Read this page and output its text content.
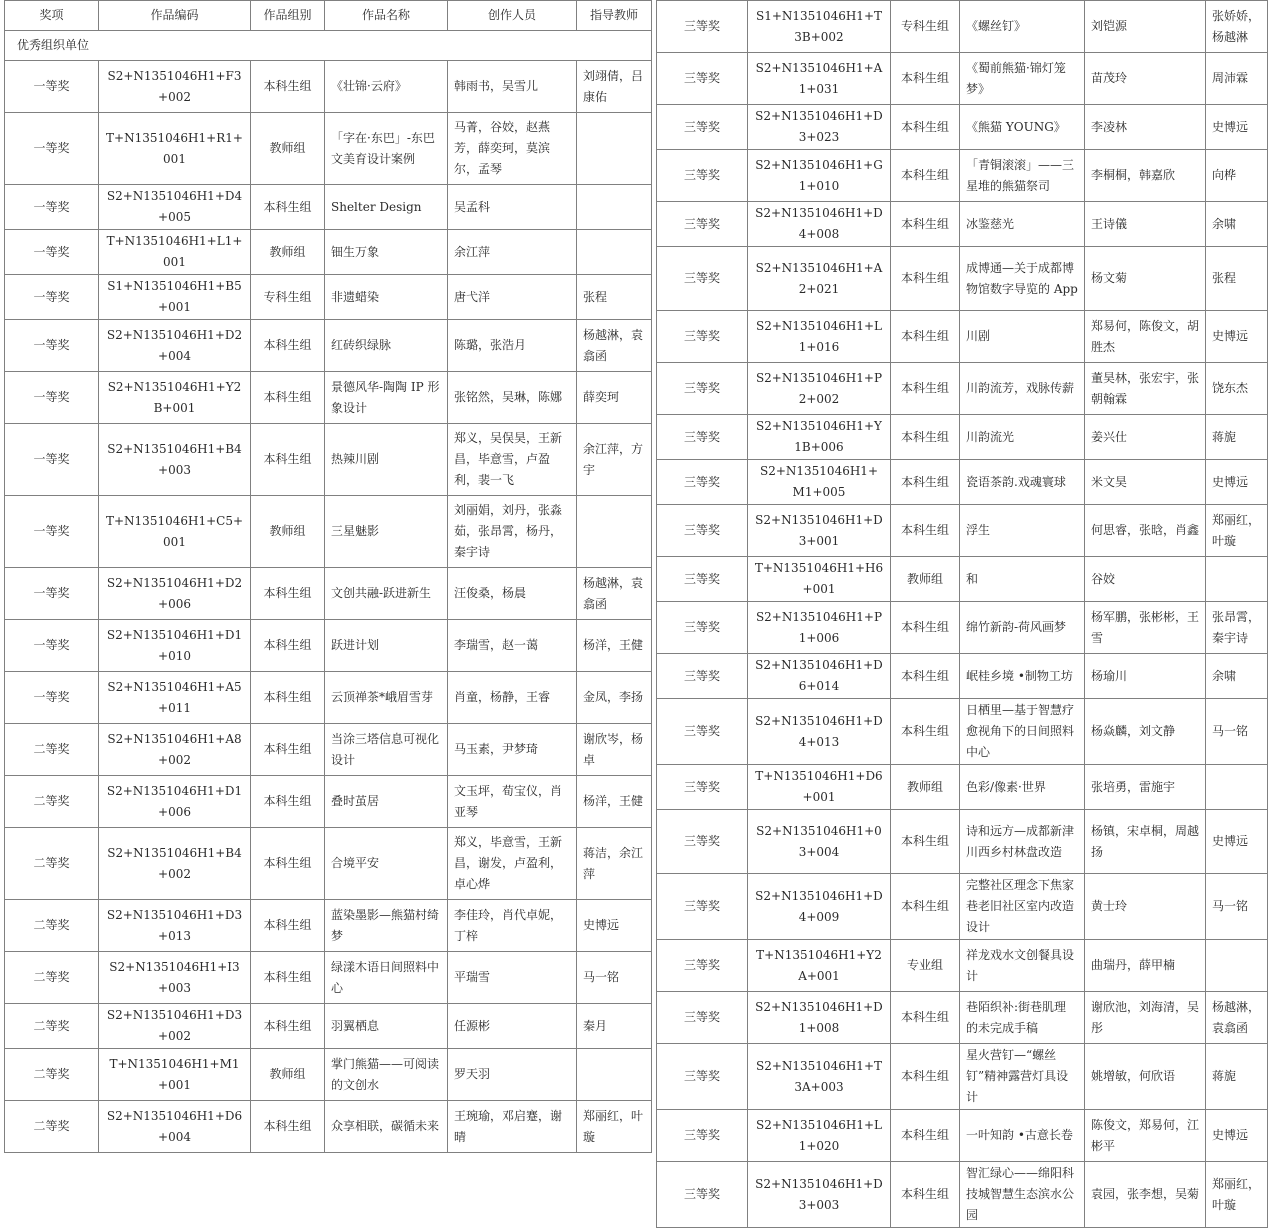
奖项	作品编码	作品组别	作品名称	创作人员	指导教师
优秀组织单位					
一等奖	S2+N1351046H1+F3+002	本科生组	《壮锦·云府》	韩雨书，吴雪儿	刘翊倩，吕康佑
一等奖	T+N1351046H1+R1+001	教师组	「字在·东巴」-东巴文美育设计案例	马菁，谷姣，赵燕芳，薛奕珂，莫滨尔，孟琴	
一等奖	S2+N1351046H1+D4+005	本科生组	Shelter Design	吴孟科	
一等奖	T+N1351046H1+L1+001	教师组	钿生万象	余江萍	
一等奖	S1+N1351046H1+B5+001	专科生组	非遗蜡染	唐弋洋	张程
一等奖	S2+N1351046H1+D2+004	本科生组	红砖织绿脉	陈璐，张浩月	杨越淋，袁翕函
一等奖	S2+N1351046H1+Y2B+001	本科生组	景德风华-陶陶 IP 形象设计	张铭然，吴琳，陈娜	薛奕珂
一等奖	S2+N1351046H1+B4+003	本科生组	热辣川剧	郑义，吴俣昊，王新昌，毕意雪，卢盈利，裴一飞	余江萍，方宇
一等奖	T+N1351046H1+C5+001	教师组	三星魅影	刘丽娟，刘丹，张淼茹，张昂霄，杨丹，秦宇诗	
一等奖	S2+N1351046H1+D2+006	本科生组	文创共融-跃进新生	汪俊桑，杨晨	杨越淋，袁翕函
一等奖	S2+N1351046H1+D1+010	本科生组	跃进计划	李瑞雪，赵一蔼	杨洋，王健
一等奖	S2+N1351046H1+A5+011	本科生组	云顶禅茶*峨眉雪芽	肖童，杨静，王睿	金凤，李扬
二等奖	S2+N1351046H1+A8+002	本科生组	当涂三塔信息可视化设计	马玉素，尹梦琦	谢欣岑，杨卓
二等奖	S2+N1351046H1+D1+006	本科生组	叠时茧居	文玉坪，荀宝仪，肖亚琴	杨洋，王健
二等奖	S2+N1351046H1+B4+002	本科生组	合境平安	郑义，毕意雪，王新昌，谢发，卢盈利，卓心烨	蒋洁，余江萍
二等奖	S2+N1351046H1+D3+013	本科生组	蓝染墨影—熊猫村绮梦	李佳玲，肖代卓妮，丁梓	史博远
二等奖	S2+N1351046H1+I3+003	本科生组	绿漾木语日间照料中心	平瑞雪	马一铭
二等奖	S2+N1351046H1+D3+002	本科生组	羽翼栖息	任源彬	秦月
二等奖	T+N1351046H1+M1+001	教师组	掌门熊猫——可阅读的文创水	罗天羽	
二等奖	S2+N1351046H1+D6+004	本科生组	众享相联，碳循未来	王琬瑜，邓启蹇，谢晴	郑丽红，叶璇
三等奖	S1+N1351046H1+T3B+002	专科生组	《螺丝钉》	刘铠源	张娇娇，杨越淋
三等奖	S2+N1351046H1+A1+031	本科生组	《蜀前熊猫·锦灯笼梦》	苗茂玲	周沛霖
三等奖	S2+N1351046H1+D3+023	本科生组	《熊猫 YOUNG》	李凌林	史博远
三等奖	S2+N1351046H1+G1+010	本科生组	「青铜滚滚」——三星堆的熊猫祭司	李桐桐，韩嘉欣	向桦
三等奖	S2+N1351046H1+D4+008	本科生组	冰鉴慈光	王诗儀	余啸
三等奖	S2+N1351046H1+A2+021	本科生组	成博通—关于成都博物馆数字导览的 App	杨文菊	张程
三等奖	S2+N1351046H1+L1+016	本科生组	川剧	郑易何，陈俊文，胡胜杰	史博远
三等奖	S2+N1351046H1+P2+002	本科生组	川韵流芳，戏脉传薪	董昊林，张宏宇，张朝翰霖	饶东杰
三等奖	S2+N1351046H1+Y1B+006	本科生组	川韵流光	姜兴仕	蒋旎
三等奖	S2+N1351046H1+M1+005	本科生组	瓷语茶韵.戏魂寰球	米文昊	史博远
三等奖	S2+N1351046H1+D3+001	本科生组	浮生	何思睿，张晗，肖鑫	郑丽红，叶璇
三等奖	T+N1351046H1+H6+001	教师组	和	谷姣	
三等奖	S2+N1351046H1+P1+006	本科生组	绵竹新韵-荷风画梦	杨军鹏，张彬彬，王雪	张昂霄，秦宇诗
三等奖	S2+N1351046H1+D6+014	本科生组	岷桂乡境 •制物工坊	杨瑜川	余啸
三等奖	S2+N1351046H1+D4+013	本科生组	日栖里—基于智慧疗愈视角下的日间照料中心	杨焱麟，刘文静	马一铭
三等奖	T+N1351046H1+D6+001	教师组	色彩/像素·世界	张培勇，雷施宇	
三等奖	S2+N1351046H1+03+004	本科生组	诗和远方—成都新津川西乡村林盘改造	杨镇，宋卓桐，周越扬	史博远
三等奖	S2+N1351046H1+D4+009	本科生组	完整社区理念下焦家巷老旧社区室内改造设计	黄士玲	马一铭
三等奖	T+N1351046H1+Y2A+001	专业组	祥龙戏水文创餐具设计	曲瑞丹，薛甲楠	
三等奖	S2+N1351046H1+D1+008	本科生组	巷陌织补:街巷肌理的未完成手稿	谢欣池，刘海清，吴彤	杨越淋，袁翕函
三等奖	S2+N1351046H1+T3A+003	本科生组	星火营钉—“螺丝钉”精神露营灯具设计	姚增敏，何欣语	蒋旎
三等奖	S2+N1351046H1+L1+020	本科生组	一叶知韵 •古意长卷	陈俊文，郑易何，江彬平	史博远
三等奖	S2+N1351046H1+D3+003	本科生组	智汇绿心——绵阳科技城智慧生态滨水公园	袁园，张李想，吴菊	郑丽红，叶璇
